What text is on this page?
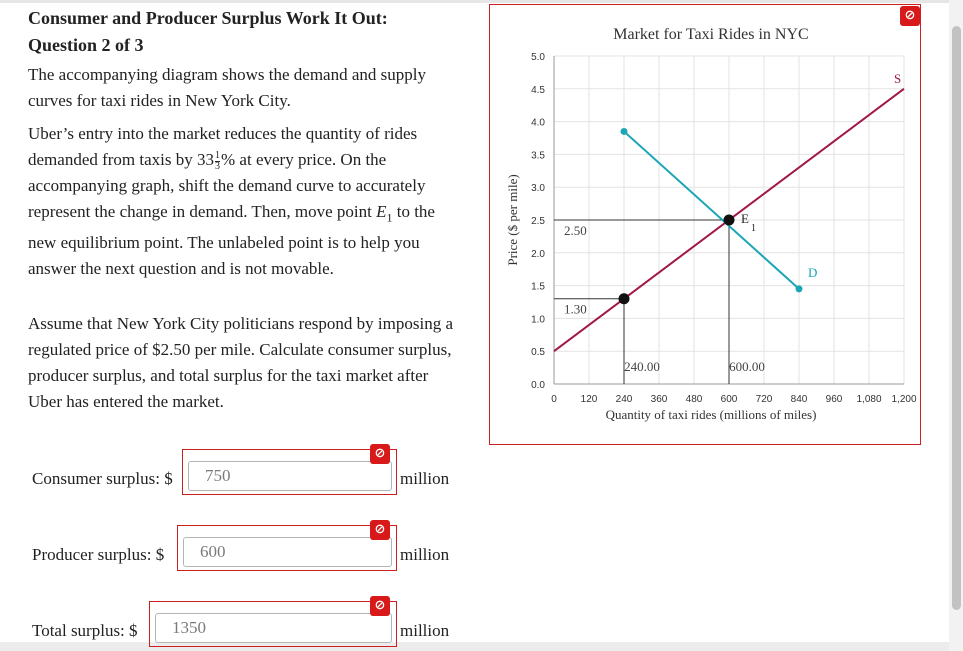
Consumer and Producer Surplus Work It Out:
Question 2 of 3
The accompanying diagram shows the demand and supply curves for taxi rides in New York City.
Uber’s entry into the market reduces the quantity of rides demanded from taxis by $33 \frac{1}{3}$ % at every price. On the accompanying graph, shift the demand curve to accurately represent the change in demand. Then, move point $E_1$ to the new equilibrium point. The unlabeled point is to help you answer the next question and is not movable.
Assume that New York City politicians respond by imposing a regulated price of $2.50 per mile. Calculate consumer surplus, producer surplus, and total surplus for the taxi market after Uber has entered the market.
Consumer surplus: $
750
⊘
million
Producer surplus: $
600
⊘
million
Total surplus: $
1350
⊘
million
⊘
0 120 240 360 480 600 720 840 960 1,080 1,200
0.0
0.5
1.0
1.5
2.0
2.5
3.0
3.5
4.0
4.5
5.0
Market for Taxi Rides in NYC
Quantity of taxi rides (millions of miles)
Price ($ per mile)	2.50
600.00
1.30
240.00
S
D
E
1
